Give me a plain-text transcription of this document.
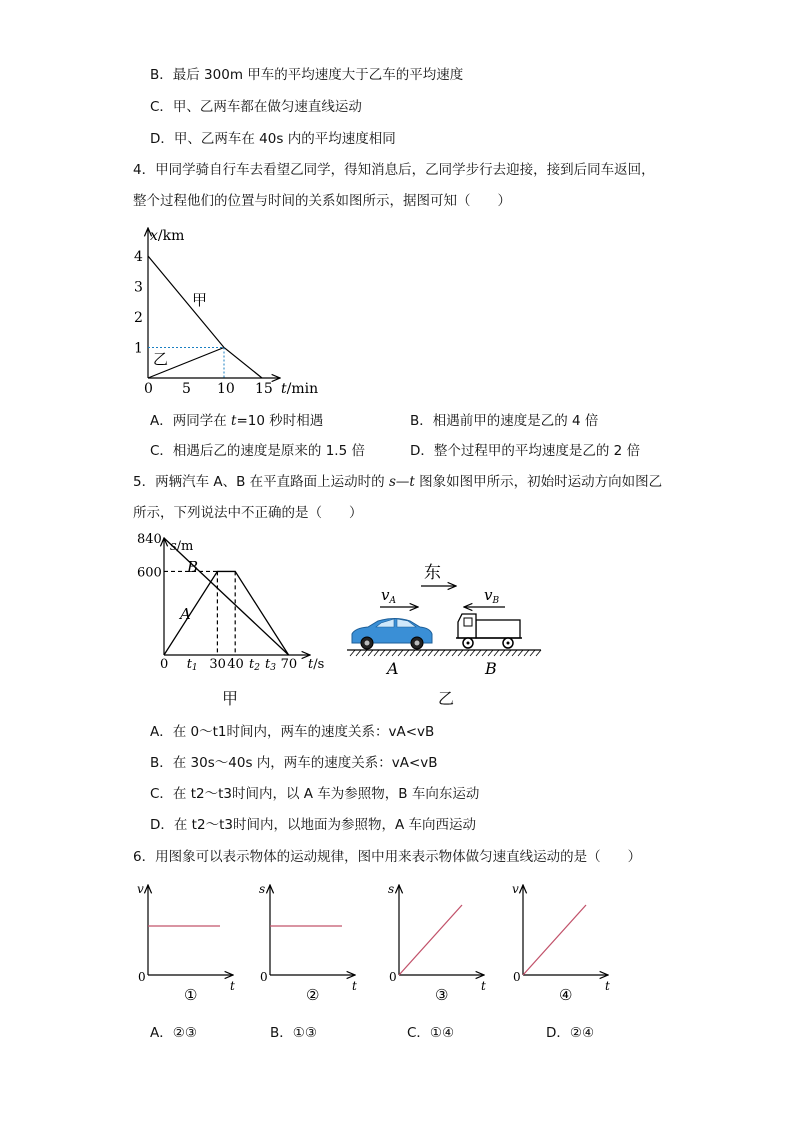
B．最后 300m 甲车的平均速度大于乙车的平均速度
C．甲、乙两车都在做匀速直线运动
D．甲、乙两车在 40s 内的平均速度相同
4．甲同学骑自行车去看望乙同学，得知消息后，乙同学步行去迎接，接到后同车返回，
整个过程他们的位置与时间的关系如图所示，据图可知（　　）
x/km
t/min
1
2
3
4
0 5 10 15
甲
乙
s/m
t/s
840
600
0 t1 30 40 t2 t3 70
B
A
v
t
0
①
s
t
0
②
s
t
0
③
v
t
0
④
东
$v_A$	$v_B$
A	B
A．两同学在 t=10 秒时相遇	B．相遇前甲的速度是乙的 4 倍
C．相遇后乙的速度是原来的 1.5 倍	D．整个过程甲的平均速度是乙的 2 倍
5．两辆汽车 A、B 在平直路面上运动时的 s—t 图象如图甲所示，初始时运动方向如图乙
所示，下列说法中不正确的是（　　）
甲	乙
A．在 0～t1时间内，两车的速度关系：vA<vB
B．在 30s～40s 内，两车的速度关系：vA<vB
C．在 t2～t3时间内，以 A 车为参照物，B 车向东运动
D．在 t2～t3时间内，以地面为参照物，A 车向西运动
6．用图象可以表示物体的运动规律，图中用来表示物体做匀速直线运动的是（　　）
A．②③	B．①③	C．①④	D．②④
